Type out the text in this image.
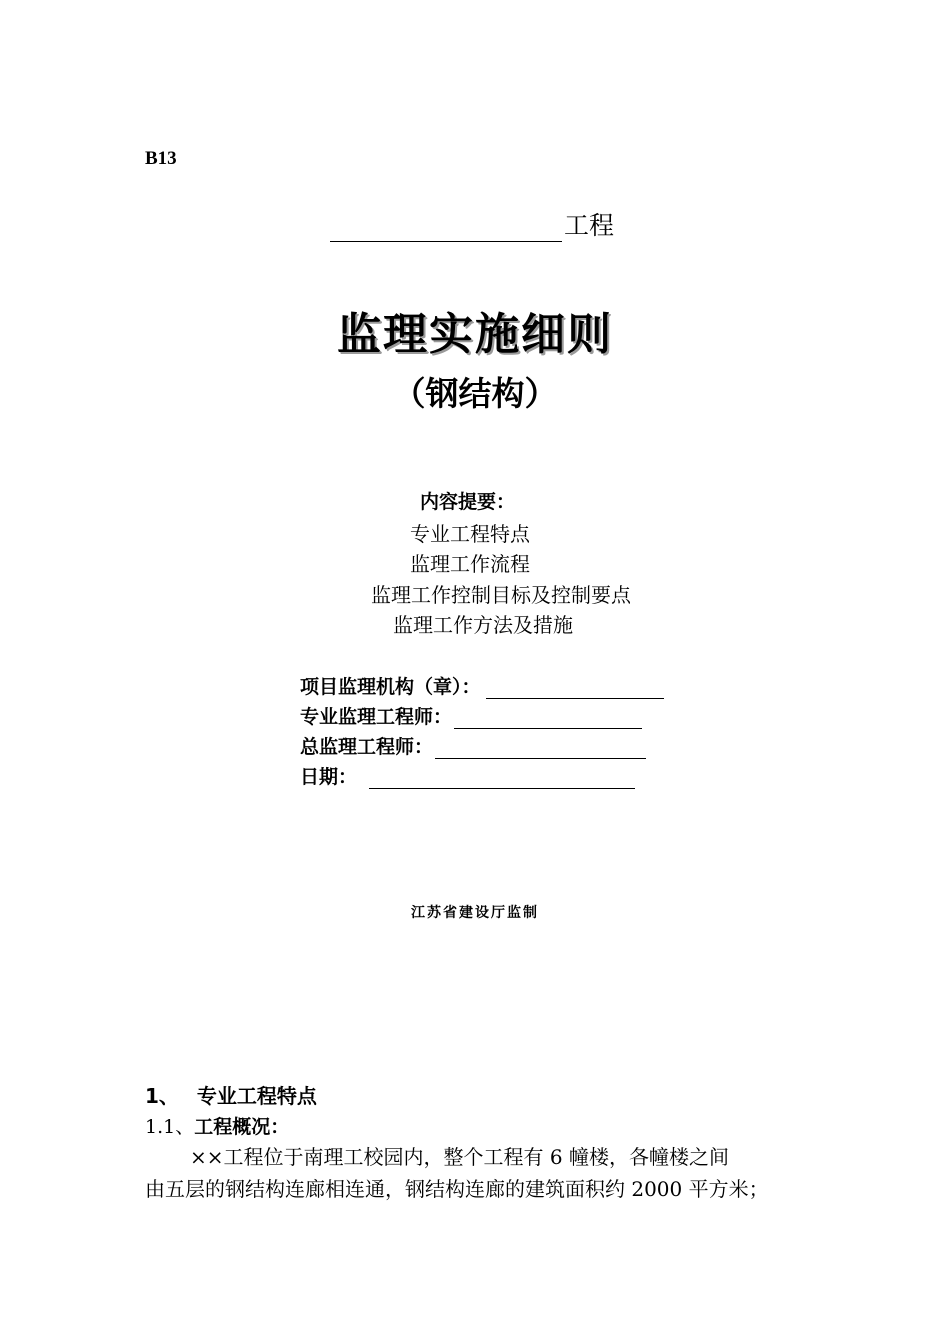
B13
工程
监理实施细则
（钢结构）
内容提要：
专业工程特点
监理工作流程
监理工作控制目标及控制要点
监理工作方法及措施
项目监理机构（章）：
专业监理工程师：
总监理工程师：
日期：
江苏省建设厅监制
1、 专业工程特点
1.1、工程概况：
××工程位于南理工校园内，整个工程有 6 幢楼，各幢楼之间
由五层的钢结构连廊相连通，钢结构连廊的建筑面积约 2000 平方米；
